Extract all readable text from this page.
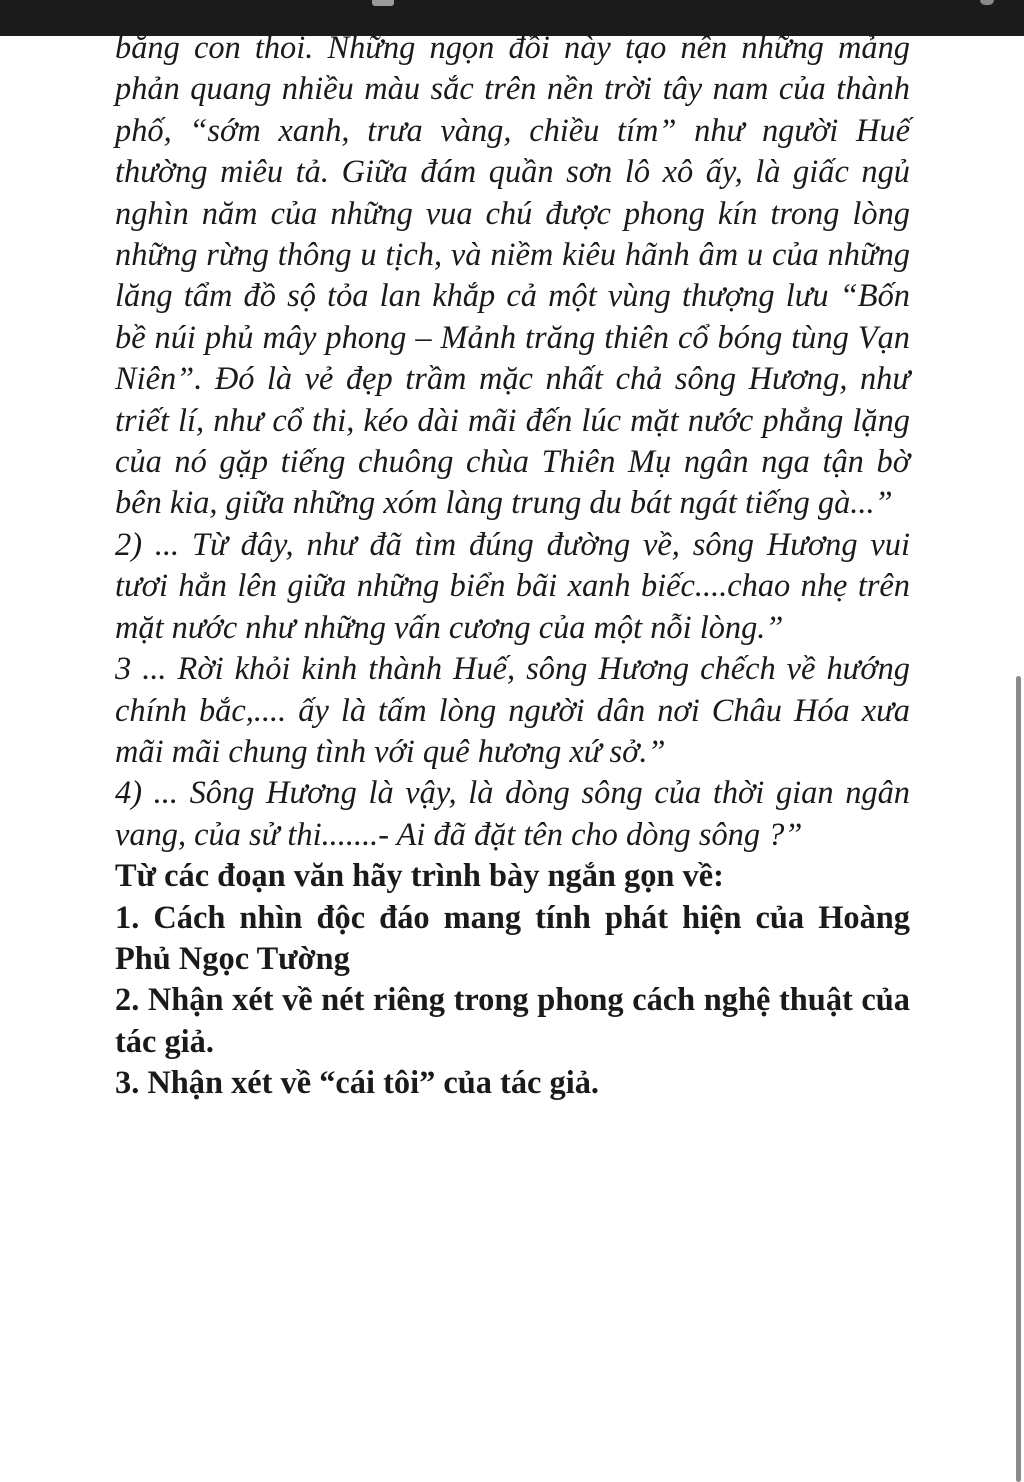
băng con thoi. Những ngọn đồi này tạo nên những mảng phản quang nhiều màu sắc trên nền trời tây nam của thành phố, “sớm xanh, trưa vàng, chiều tím” như người Huế thường miêu tả. Giữa đám quần sơn lô xô ấy, là giấc ngủ nghìn năm của những vua chú được phong kín trong lòng những rừng thông u tịch, và niềm kiêu hãnh âm u của những lăng tẩm đồ sộ tỏa lan khắp cả một vùng thượng lưu “Bốn bề núi phủ mây phong – Mảnh trăng thiên cổ bóng tùng Vạn Niên”. Đó là vẻ đẹp trầm mặc nhất chả sông Hương, như triết lí, như cổ thi, kéo dài mãi đến lúc mặt nước phẳng lặng của nó gặp tiếng chuông chùa Thiên Mụ ngân nga tận bờ bên kia, giữa những xóm làng trung du bát ngát tiếng gà...”

2) ... Từ đây, như đã tìm đúng đường về, sông Hương vui tươi hẳn lên giữa những biển bãi xanh biếc....chao nhẹ trên mặt nước như những vấn cương của một nỗi lòng.”

3 ... Rời khỏi kinh thành Huế, sông Hương chếch về hướng chính bắc,.... ấy là tấm lòng người dân nơi Châu Hóa xưa mãi mãi chung tình với quê hương xứ sở.”

4) ... Sông Hương là vậy, là dòng sông của thời gian ngân vang, của sử thi.......- Ai đã đặt tên cho dòng sông ?”

Từ các đoạn văn hãy trình bày ngắn gọn về:

1. Cách nhìn độc đáo mang tính phát hiện của Hoàng Phủ Ngọc Tường

2. Nhận xét về nét riêng trong phong cách nghệ thuật của tác giả.

3. Nhận xét về “cái tôi” của tác giả.
